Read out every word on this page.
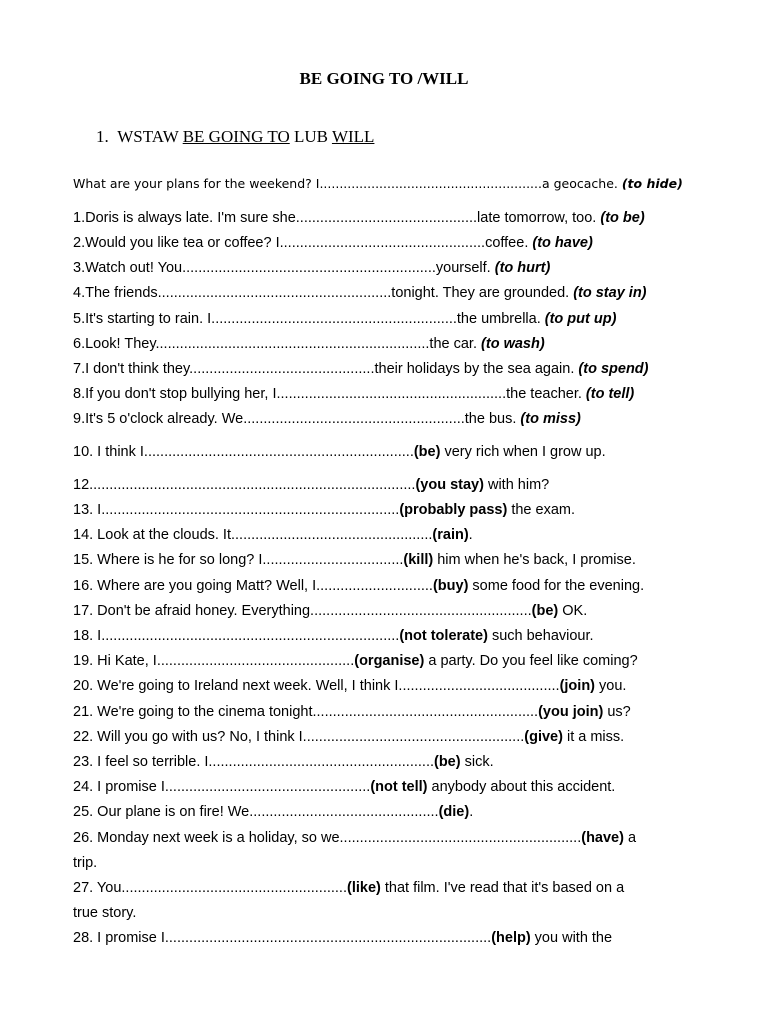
BE GOING TO /WILL
1. WSTAW BE GOING TO LUB WILL
What are your plans for the weekend? I........................................................a geocache. (to hide)
1.Doris is always late. I'm sure she.............................................late tomorrow, too. (to be)
2.Would you like tea or coffee? I...................................................coffee. (to have)
3.Watch out! You...............................................................yourself. (to hurt)
4.The friends..........................................................tonight. They are grounded. (to stay in)
5.It's starting to rain. I.............................................................the umbrella. (to put up)
6.Look! They....................................................................the car. (to wash)
7.I don't think they..............................................their holidays by the sea again. (to spend)
8.If you don't stop bullying her, I.........................................................the teacher. (to tell)
9.It's 5 o'clock already. We.......................................................the bus. (to miss)
10. I think I...................................................................(be) very rich when I grow up.
12.................................................................................(you stay) with him?
13. I..........................................................................(probably pass) the exam.
14. Look at the clouds. It..................................................(rain).
15. Where is he for so long? I...................................(kill) him when he's back, I promise.
16. Where are you going Matt? Well, I.............................(buy) some food for the evening.
17. Don't be afraid honey. Everything.......................................................(be) OK.
18. I..........................................................................(not tolerate) such behaviour.
19. Hi Kate, I.................................................(organise) a party. Do you feel like coming?
20. We're going to Ireland next week. Well, I think I........................................(join) you.
21. We're going to the cinema tonight........................................................(you join) us?
22. Will you go with us? No, I think I.......................................................(give) it a miss.
23. I feel so terrible. I........................................................(be) sick.
24. I promise I...................................................(not tell) anybody about this accident.
25. Our plane is on fire! We...............................................(die).
26. Monday next week is a holiday, so we............................................................(have) a
trip.
27. You........................................................(like) that film. I've read that it's based on a
true story.
28. I promise I.................................................................................(help) you with the
